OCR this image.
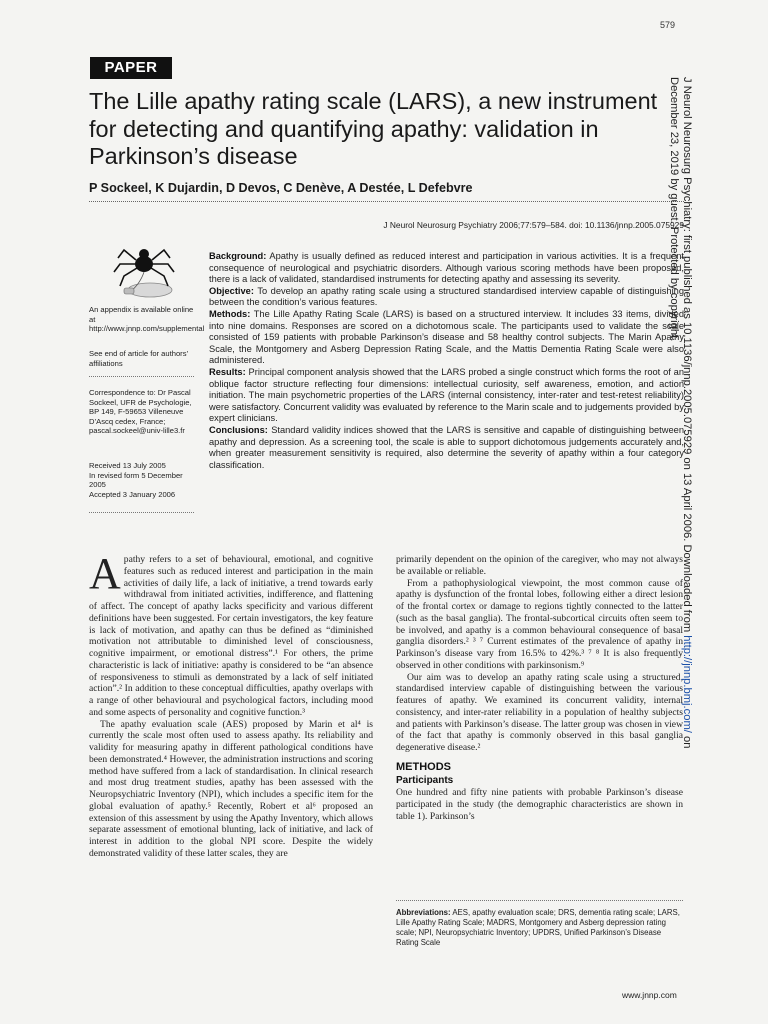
579
PAPER
The Lille apathy rating scale (LARS), a new instrument for detecting and quantifying apathy: validation in Parkinson’s disease
P Sockeel, K Dujardin, D Devos, C Denève, A Destée, L Defebvre
J Neurol Neurosurg Psychiatry 2006;77:579–584. doi: 10.1136/jnnp.2005.075929

An appendix is available online at http://www.jnnp.com/supplemental

See end of article for authors’ affiliations

Correspondence to: Dr Pascal Sockeel, UFR de Psychologie, BP 149, F-59653 Villeneuve D’Ascq cedex, France; pascal.sockeel@univ-lille3.fr

Received 13 July 2005

In revised form 5 December 2005

Accepted 3 January 2006

Background: Apathy is usually defined as reduced interest and participation in various activities. It is a frequent consequence of neurological and psychiatric disorders. Although various scoring methods have been proposed, there is a lack of validated, standardised instruments for detecting apathy and assessing its severity.

Objective: To develop an apathy rating scale using a structured standardised interview capable of distinguishing between the condition’s various features.

Methods: The Lille Apathy Rating Scale (LARS) is based on a structured interview. It includes 33 items, divided into nine domains. Responses are scored on a dichotomous scale. The participants used to validate the scale consisted of 159 patients with probable Parkinson’s disease and 58 healthy control subjects. The Marin Apathy Scale, the Montgomery and Asberg Depression Rating Scale, and the Mattis Dementia Rating Scale were also administered.

Results: Principal component analysis showed that the LARS probed a single construct which forms the root of an oblique factor structure reflecting four dimensions: intellectual curiosity, self awareness, emotion, and action initiation. The main psychometric properties of the LARS (internal consistency, inter-rater and test-retest reliability) were satisfactory. Concurrent validity was evaluated by reference to the Marin scale and to judgements provided by expert clinicians.

Conclusions: Standard validity indices showed that the LARS is sensitive and capable of distinguishing between apathy and depression. As a screening tool, the scale is able to support dichotomous judgements accurately and, when greater measurement sensitivity is required, also determine the severity of apathy within a four category classification.

Apathy refers to a set of behavioural, emotional, and cognitive features such as reduced interest and participation in the main activities of daily life, a lack of initiative, a trend towards early withdrawal from initiated activities, indifference, and flattening of affect. The concept of apathy lacks specificity and various different definitions have been suggested. For certain investigators, the key feature is lack of motivation, and apathy can thus be defined as “diminished motivation not attributable to diminished level of consciousness, cognitive impairment, or emotional distress”.¹ For others, the prime characteristic is lack of initiative: apathy is considered to be “an absence of responsiveness to stimuli as demonstrated by a lack of self initiated action”.² In addition to these conceptual difficulties, apathy overlaps with a range of other behavioural and psychological factors, including mood and some aspects of personality and cognitive function.³

The apathy evaluation scale (AES) proposed by Marin et al⁴ is currently the scale most often used to assess apathy. Its reliability and validity for measuring apathy in different pathological conditions have been demonstrated.⁴ However, the administration instructions and scoring method have suffered from a lack of standardisation. In clinical research and most drug treatment studies, apathy has been assessed with the Neuropsychiatric Inventory (NPI), which includes a specific item for the global evaluation of apathy.⁵ Recently, Robert et al⁶ proposed an extension of this assessment by using the Apathy Inventory, which allows separate assessment of emotional blunting, lack of initiative, and lack of interest in addition to the global NPI score. Despite the widely demonstrated validity of these latter scales, they are

primarily dependent on the opinion of the caregiver, who may not always be available or reliable.

From a pathophysiological viewpoint, the most common cause of apathy is dysfunction of the frontal lobes, following either a direct lesion of the frontal cortex or damage to regions tightly connected to the latter (such as the basal ganglia). The frontal-subcortical circuits often seem to be involved, and apathy is a common behavioural consequence of basal ganglia disorders.² ³ ⁷ Current estimates of the prevalence of apathy in Parkinson’s disease vary from 16.5% to 42%.³ ⁷ ⁸ It is also frequently observed in other conditions with parkinsonism.⁹

Our aim was to develop an apathy rating scale using a structured, standardised interview capable of distinguishing between the various features of apathy. We examined its concurrent validity, internal consistency, and inter-rater reliability in a population of healthy subjects and patients with Parkinson’s disease. The latter group was chosen in view of the fact that apathy is commonly observed in this basal ganglia degenerative disease.²

METHODS

Participants

One hundred and fifty nine patients with probable Parkinson’s disease participated in the study (the demographic characteristics are shown in table 1). Parkinson’s

Abbreviations: AES, apathy evaluation scale; DRS, dementia rating scale; LARS, Lille Apathy Rating Scale; MADRS, Montgomery and Asberg depression rating scale; NPI, Neuropsychiatric Inventory; UPDRS, Unified Parkinson’s Disease Rating Scale
www.jnnp.com
J Neurol Neurosurg Psychiatry: first published as 10.1136/jnnp.2005.075929 on 13 April 2006. Downloaded from http://jnnp.bmj.com/ on December 23, 2019 by guest. Protected by copyright.
